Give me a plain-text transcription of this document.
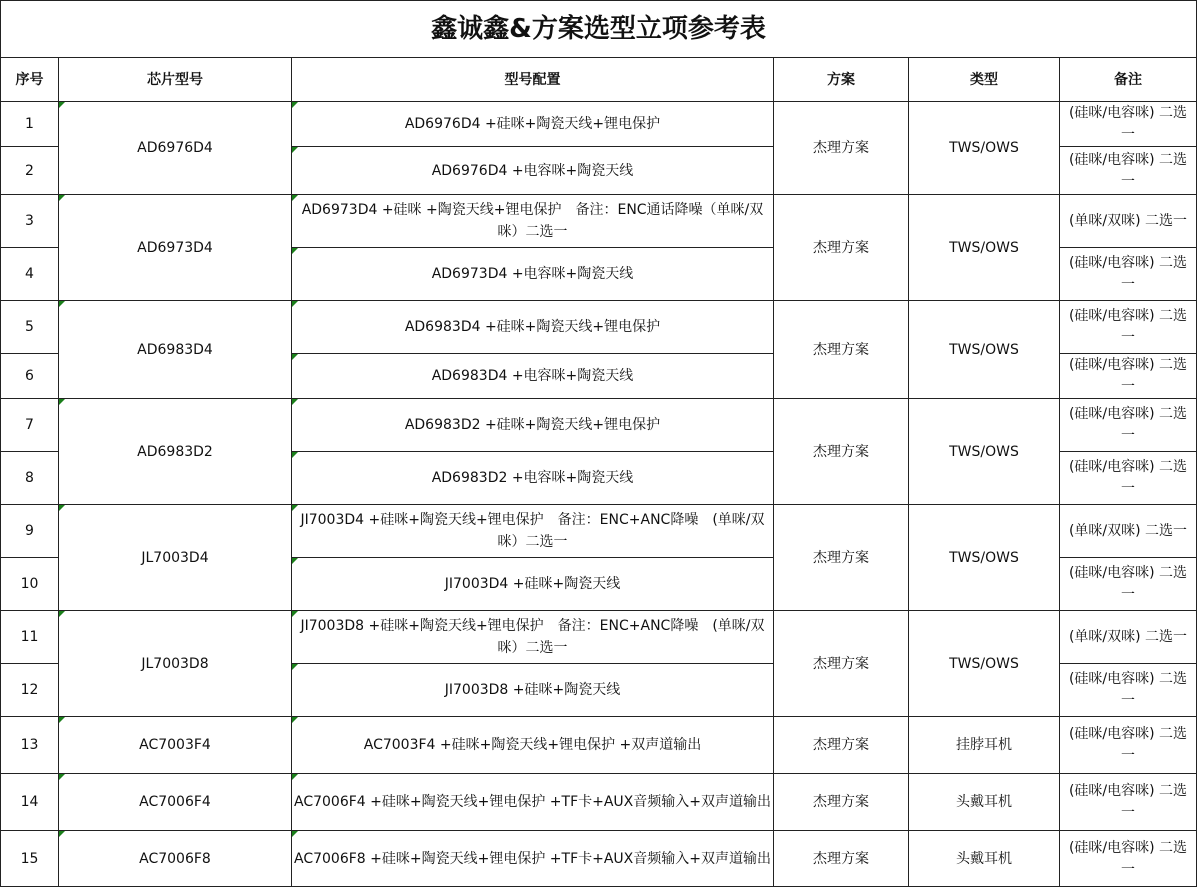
鑫诚鑫&方案选型立项参考表					
序号	芯片型号	型号配置	方案	类型	备注
1	AD6976D4	AD6976D4 +硅咪+陶瓷天线+锂电保护	杰理方案	TWS/OWS	(硅咪/电容咪) 二选一
2		AD6976D4 +电容咪+陶瓷天线			(硅咪/电容咪) 二选一
3	AD6973D4	AD6973D4 +硅咪 +陶瓷天线+锂电保护　备注：ENC通话降噪（单咪/双咪）二选一	杰理方案	TWS/OWS	(单咪/双咪) 二选一
4		AD6973D4 +电容咪+陶瓷天线			(硅咪/电容咪) 二选一
5	AD6983D4	AD6983D4 +硅咪+陶瓷天线+锂电保护	杰理方案	TWS/OWS	(硅咪/电容咪) 二选一
6		AD6983D4 +电容咪+陶瓷天线			(硅咪/电容咪) 二选一
7	AD6983D2	AD6983D2 +硅咪+陶瓷天线+锂电保护	杰理方案	TWS/OWS	(硅咪/电容咪) 二选一
8		AD6983D2 +电容咪+陶瓷天线			(硅咪/电容咪) 二选一
9	JL7003D4	JI7003D4 +硅咪+陶瓷天线+锂电保护　备注：ENC+ANC降噪　(单咪/双咪）二选一	杰理方案	TWS/OWS	(单咪/双咪) 二选一
10		JI7003D4 +硅咪+陶瓷天线			(硅咪/电容咪) 二选一
11	JL7003D8	JI7003D8 +硅咪+陶瓷天线+锂电保护　备注：ENC+ANC降噪　(单咪/双咪）二选一	杰理方案	TWS/OWS	(单咪/双咪) 二选一
12		JI7003D8 +硅咪+陶瓷天线			(硅咪/电容咪) 二选一
13	AC7003F4	AC7003F4 +硅咪+陶瓷天线+锂电保护 +双声道输出	杰理方案	挂脖耳机	(硅咪/电容咪) 二选一
14	AC7006F4	AC7006F4 +硅咪+陶瓷天线+锂电保护 +TF卡+AUX音频输入+双声道输出	杰理方案	头戴耳机	(硅咪/电容咪) 二选一
15	AC7006F8	AC7006F8 +硅咪+陶瓷天线+锂电保护 +TF卡+AUX音频输入+双声道输出	杰理方案	头戴耳机	(硅咪/电容咪) 二选一
